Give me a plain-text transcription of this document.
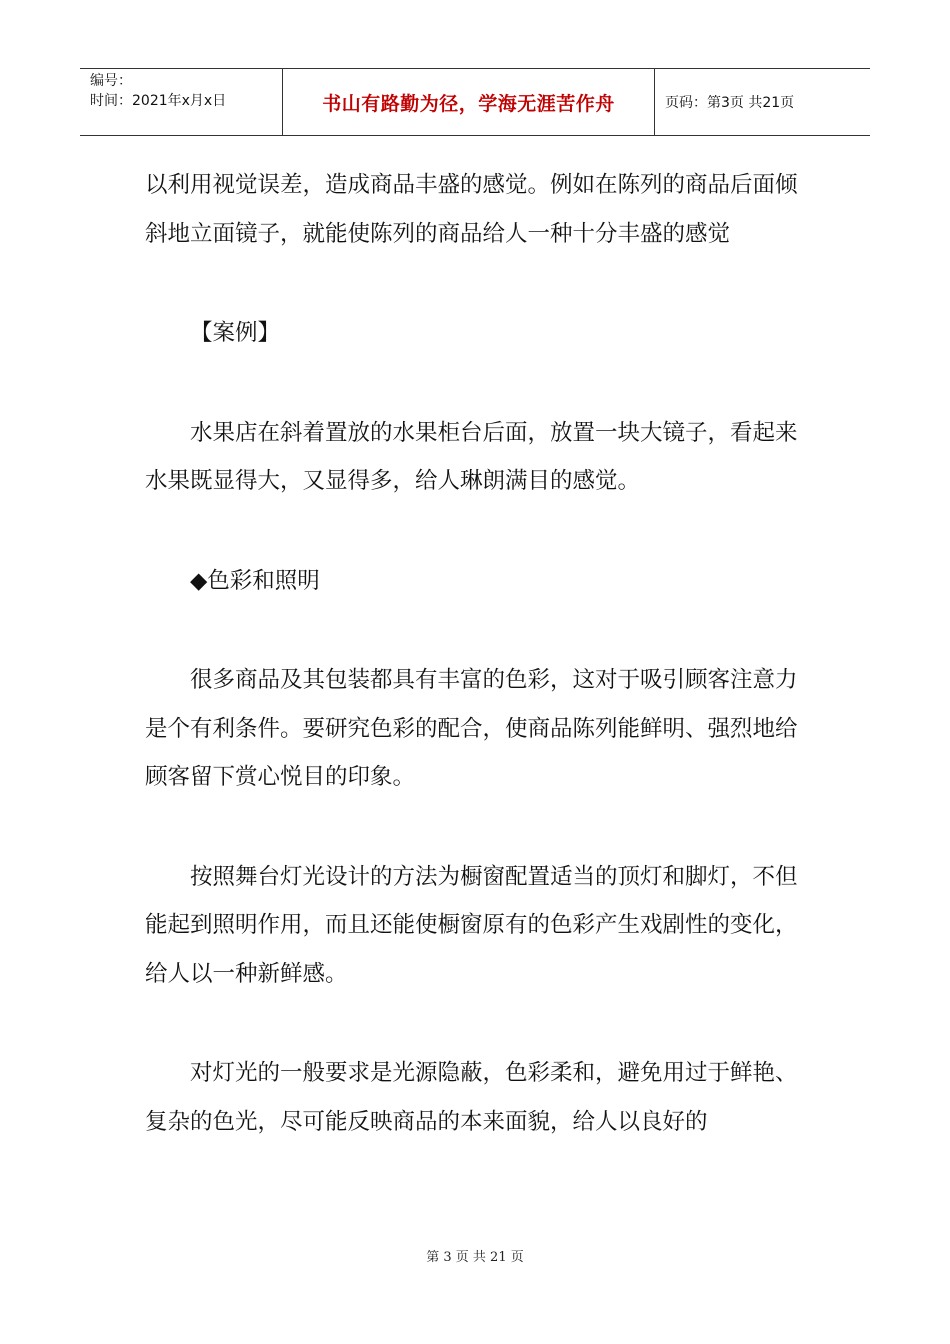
编号：
时间：2021年x月x日	书山有路勤为径，学海无涯苦作舟	页码：第3页 共21页

以利用视觉误差，造成商品丰盛的感觉。例如在陈列的商品后面倾斜地立面镜子，就能使陈列的商品给人一种十分丰盛的感觉

【案例】

水果店在斜着置放的水果柜台后面，放置一块大镜子，看起来水果既显得大，又显得多，给人琳朗满目的感觉。

◆色彩和照明

很多商品及其包装都具有丰富的色彩，这对于吸引顾客注意力是个有利条件。要研究色彩的配合，使商品陈列能鲜明、强烈地给顾客留下赏心悦目的印象。

按照舞台灯光设计的方法为橱窗配置适当的顶灯和脚灯，不但能起到照明作用，而且还能使橱窗原有的色彩产生戏剧性的变化，给人以一种新鲜感。

对灯光的一般要求是光源隐蔽，色彩柔和，避免用过于鲜艳、复杂的色光，尽可能反映商品的本来面貌，给人以良好的

第 3 页 共 21 页
